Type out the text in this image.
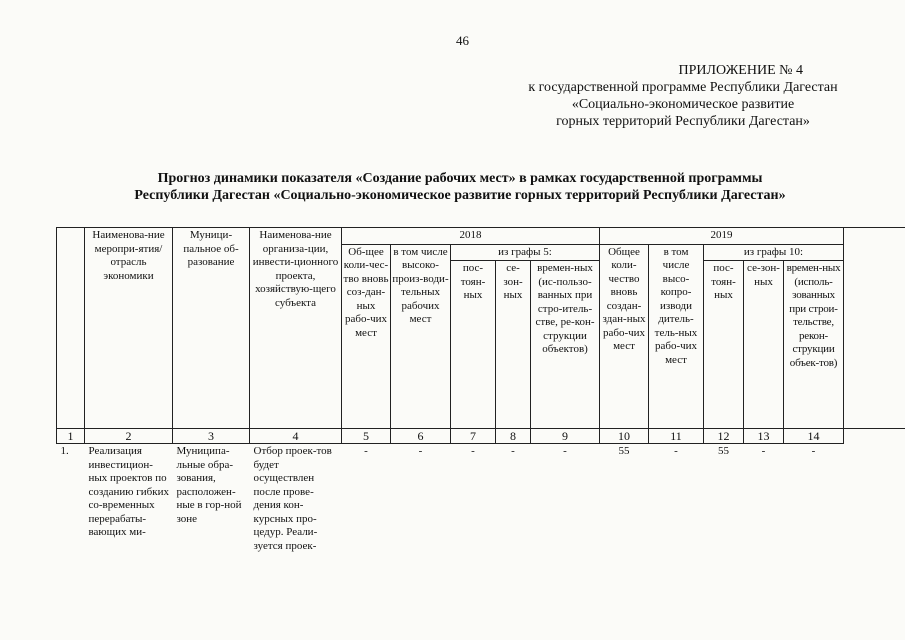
46
ПРИЛОЖЕНИЕ № 4
к государственной программе Республики Дагестан
«Социально-экономическое развитие
горных территорий Республики Дагестан»
Прогноз динамики показателя «Создание рабочих мест» в рамках государственной программы
Республики Дагестан «Социально-экономическое развитие горных территорий Республики Дагестан»
	Наименова-ние меропри-ятия/отрасль экономики	Муници-пальное об-разование	Наименова-ние организа-ции, инвести-ционного проекта, хозяйствую-щего субъекта	2018					2019					
				Об-щее коли-чес-тво вновь соз-дан-ных рабо-чих мест	в том числе высоко-произ-води-тельных рабочих мест	из графы 5:			Общее коли-чество вновь создан-здан-ных рабо-чих мест	в том числе высо-копро-изводи дитель-тель-ных рабо-чих мест	из графы 10:			
						пос-тоян-ных	се-зон-ных	времен-ных (ис-пользо-ванных при стро-итель-стве, ре-кон-струкции объектов)			пос-тоян-ных	се-зон-ных	времен-ных (исполь-зованных при строи-тельстве, рекон-струкции объек-тов)	
1	2	3	4	5	6	7	8	9	10	11	12	13	14	
1.	Реализация инвестицион-ных проектов по созданию гибких со-временных перерабаты-вающих ми-	Муниципа-льные обра-зования, расположен-ные в гор-ной зоне	Отбор проек-тов будет осуществлен после прове-дения кон-курсных про-цедур. Реали-зуется проек-	-	-	-	-	-	55	-	55	-	-	
